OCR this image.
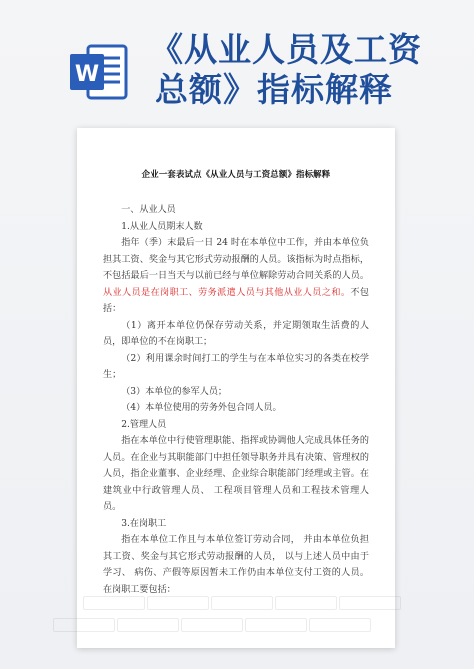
W
《从业人员及工资
总额》指标解释
企业一套表试点《从业人员与工资总额》指标解释

一、从业人员

1.从业人员期末人数

指年（季）末最后一日 24 时在本单位中工作，并由本单位负担其工资、奖金与其它形式劳动报酬的人员。该指标为时点指标，不包括最后一日当天与以前已经与单位解除劳动合同关系的人员。从业人员是在岗职工、劳务派遣人员与其他从业人员之和。不包括：

（1）离开本单位仍保存劳动关系，并定期领取生活费的人员，即单位的不在岗职工；

（2）利用课余时间打工的学生与在本单位实习的各类在校学生；

（3）本单位的参军人员；

（4）本单位使用的劳务外包合同人员。

2.管理人员

指在本单位中行使管理职能、指挥或协调他人完成具体任务的人员。在企业与其职能部门中担任领导职务并具有决策、管理权的人员，指企业董事、企业经理、企业综合职能部门经理或主管。在建筑业中行政管理人员、 工程项目管理人员和工程技术管理人员。

3.在岗职工

指在本单位工作且与本单位签订劳动合同， 并由本单位负担其工资、奖金与其它形式劳动报酬的人员， 以与上述人员中由于学习、 病伤、产假等原因暂未工作仍由本单位支付工资的人员。在岗职工要包括：
